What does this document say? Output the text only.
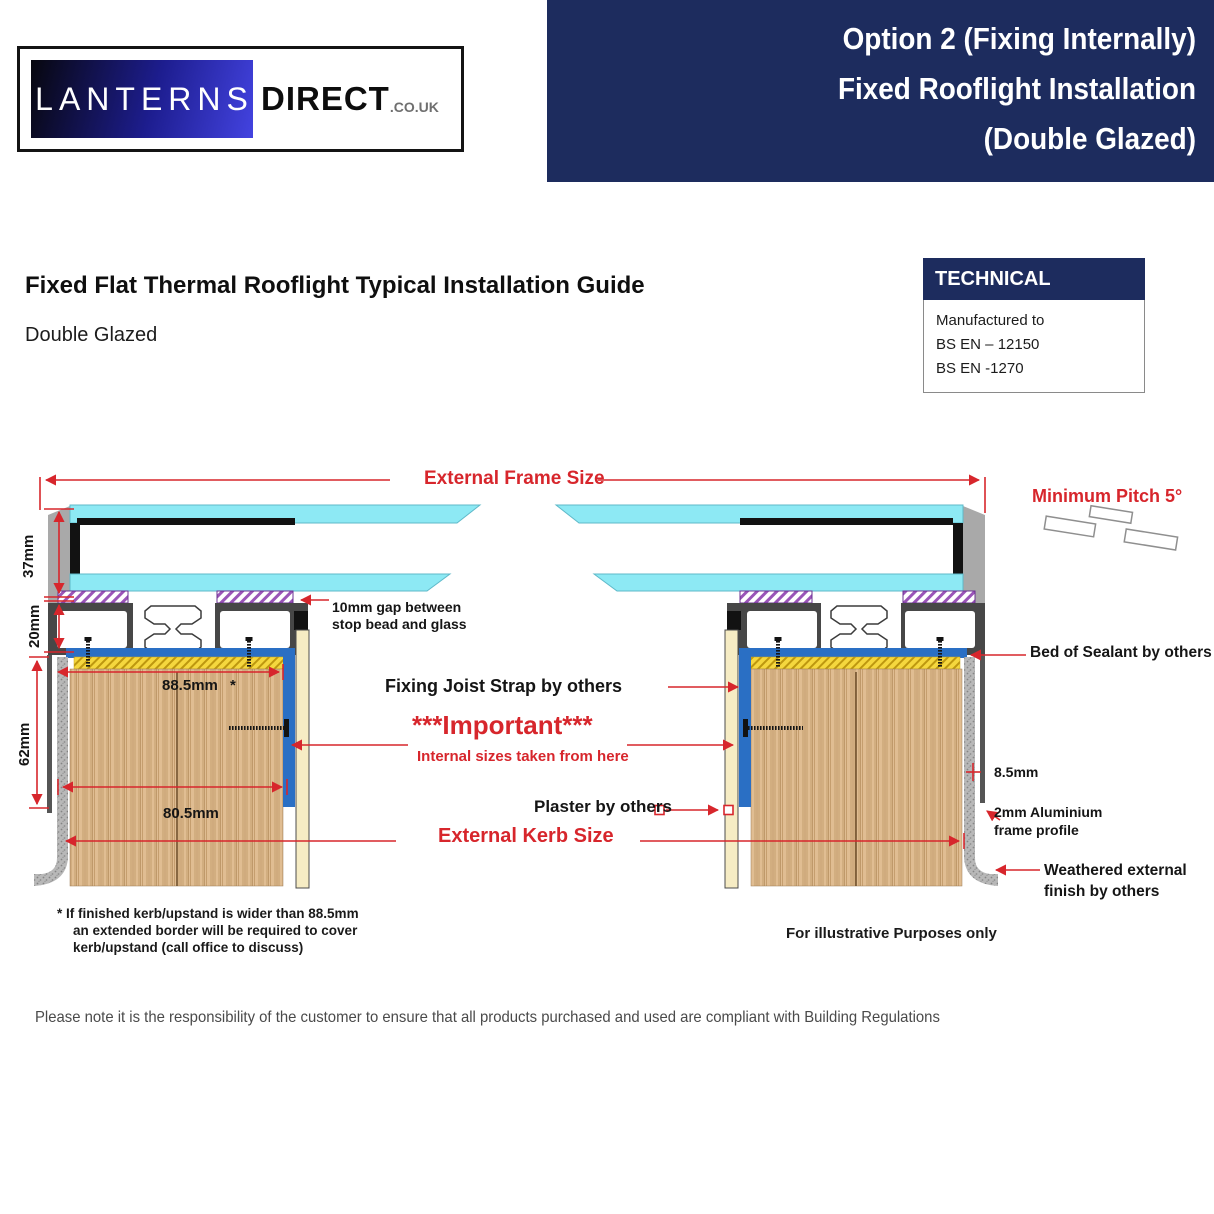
LANTERNS DIRECT .CO.UK
Option 2 (Fixing Internally)
Fixed Rooflight Installation
(Double Glazed)
Fixed Flat Thermal Rooflight Typical Installation Guide
Double Glazed
TECHNICAL
Manufactured to
BS EN – 12150
BS EN -1270
External Frame Size
Minimum Pitch 5°
37mm
20mm
62mm
10mm gap between
stop bead and glass
88.5mm *	Fixing Joist Strap by others
***Important***
Internal sizes taken from here
Plaster by others
80.5mm
External Kerb Size
Bed of Sealant by others
8.5mm
2mm Aluminium
frame profile
Weathered external
finish by others
* If finished kerb/upstand is wider than 88.5mm
an extended border will be required to cover
kerb/upstand (call office to discuss)
For illustrative Purposes only
Please note it is the responsibility of the customer to ensure that all products purchased and used are compliant with Building Regulations
